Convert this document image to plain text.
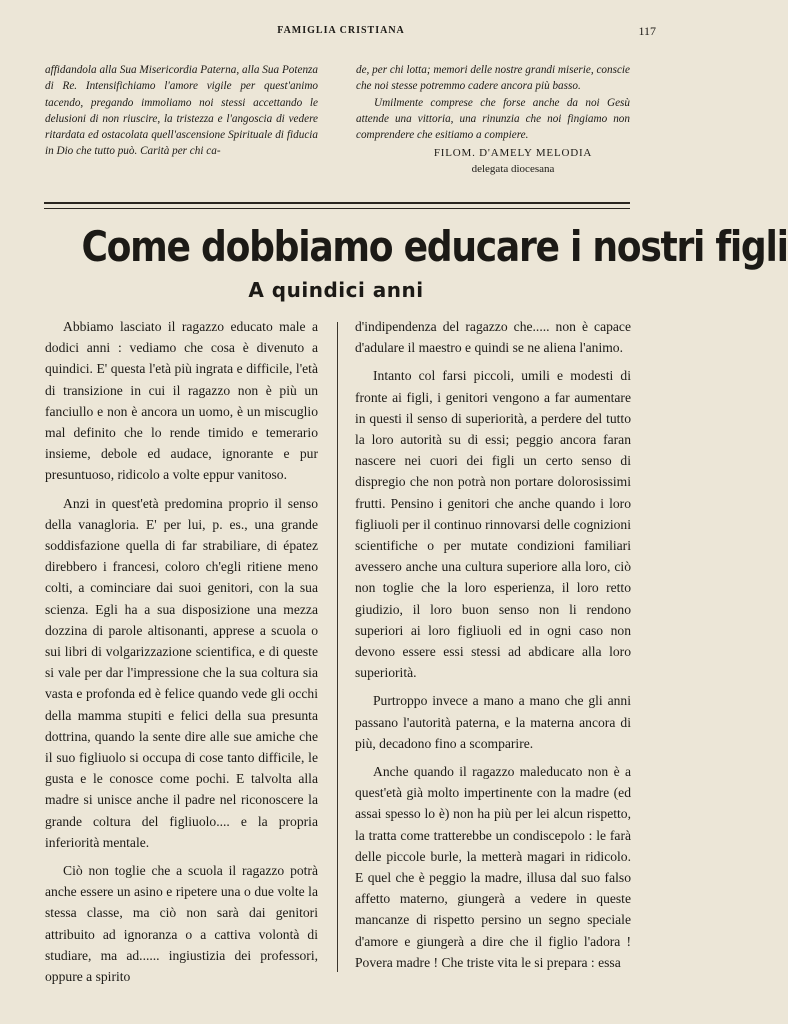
FAMIGLIA CRISTIANA	117

affidandola alla Sua Misericordia Paterna, alla Sua Potenza di Re. Intensifichiamo l'amore vigile per quest'animo tacendo, pregando immoliamo noi stessi accettando le delusioni di non riuscire, la tristezza e l'angoscia di vedere ritardata ed ostacolata quell'ascensione Spirituale di fiducia in Dio che tutto può. Carità per chi ca-

de, per chi lotta; memori delle nostre grandi miserie, conscie che noi stesse potremmo cadere ancora più basso.

Umilmente comprese che forse anche da noi Gesù attende una vittoria, una rinunzia che noi fingiamo non comprendere che esitiamo a compiere.

FILOM. D'AMELY MELODIA
delegata diocesana
Come dobbiamo educare i nostri figli
A quindici anni

Abbiamo lasciato il ragazzo educato male a dodici anni : vediamo che cosa è divenuto a quindici. E' questa l'età più ingrata e difficile, l'età di transizione in cui il ragazzo non è più un fanciullo e non è ancora un uomo, è un miscuglio mal definito che lo rende timido e temerario insieme, debole ed audace, ignorante e pur presuntuoso, ridicolo a volte eppur vanitoso.

Anzi in quest'età predomina proprio il senso della vanagloria. E' per lui, p. es., una grande soddisfazione quella di far strabiliare, di épatez direbbero i francesi, coloro ch'egli ritiene meno colti, a cominciare dai suoi genitori, con la sua scienza. Egli ha a sua disposizione una mezza dozzina di parole altisonanti, apprese a scuola o sui libri di volgarizzazione scientifica, e di queste si vale per dar l'impressione che la sua coltura sia vasta e profonda ed è felice quando vede gli occhi della mamma stupiti e felici della sua presunta dottrina, quando la sente dire alle sue amiche che il suo figliuolo si occupa di cose tanto difficile, le gusta e le conosce come pochi. E talvolta alla madre si unisce anche il padre nel riconoscere la grande coltura del figliuolo.... e la propria inferiorità mentale.

Ciò non toglie che a scuola il ragazzo potrà anche essere un asino e ripetere una o due volte la stessa classe, ma ciò non sarà dai genitori attribuito ad ignoranza o a cattiva volontà di studiare, ma ad...... ingiustizia dei professori, oppure a spirito

d'indipendenza del ragazzo che..... non è capace d'adulare il maestro e quindi se ne aliena l'animo.

Intanto col farsi piccoli, umili e modesti di fronte ai figli, i genitori vengono a far aumentare in questi il senso di superiorità, a perdere del tutto la loro autorità su di essi; peggio ancora faran nascere nei cuori dei figli un certo senso di dispregio che non potrà non portare dolorosissimi frutti. Pensino i genitori che anche quando i loro figliuoli per il continuo rinnovarsi delle cognizioni scientifiche o per mutate condizioni familiari avessero anche una cultura superiore alla loro, ciò non toglie che la loro esperienza, il loro retto giudizio, il loro buon senso non li rendono superiori ai loro figliuoli ed in ogni caso non devono essere essi stessi ad abdicare alla loro superiorità.

Purtroppo invece a mano a mano che gli anni passano l'autorità paterna, e la materna ancora di più, decadono fino a scomparire.

Anche quando il ragazzo maleducato non è a quest'età già molto impertinente con la madre (ed assai spesso lo è) non ha più per lei alcun rispetto, la tratta come tratterebbe un condiscepolo : le farà delle piccole burle, la metterà magari in ridicolo. E quel che è peggio la madre, illusa dal suo falso affetto materno, giungerà a vedere in queste mancanze di rispetto persino un segno speciale d'amore e giungerà a dire che il figlio l'adora ! Povera madre ! Che triste vita le si prepara : essa
